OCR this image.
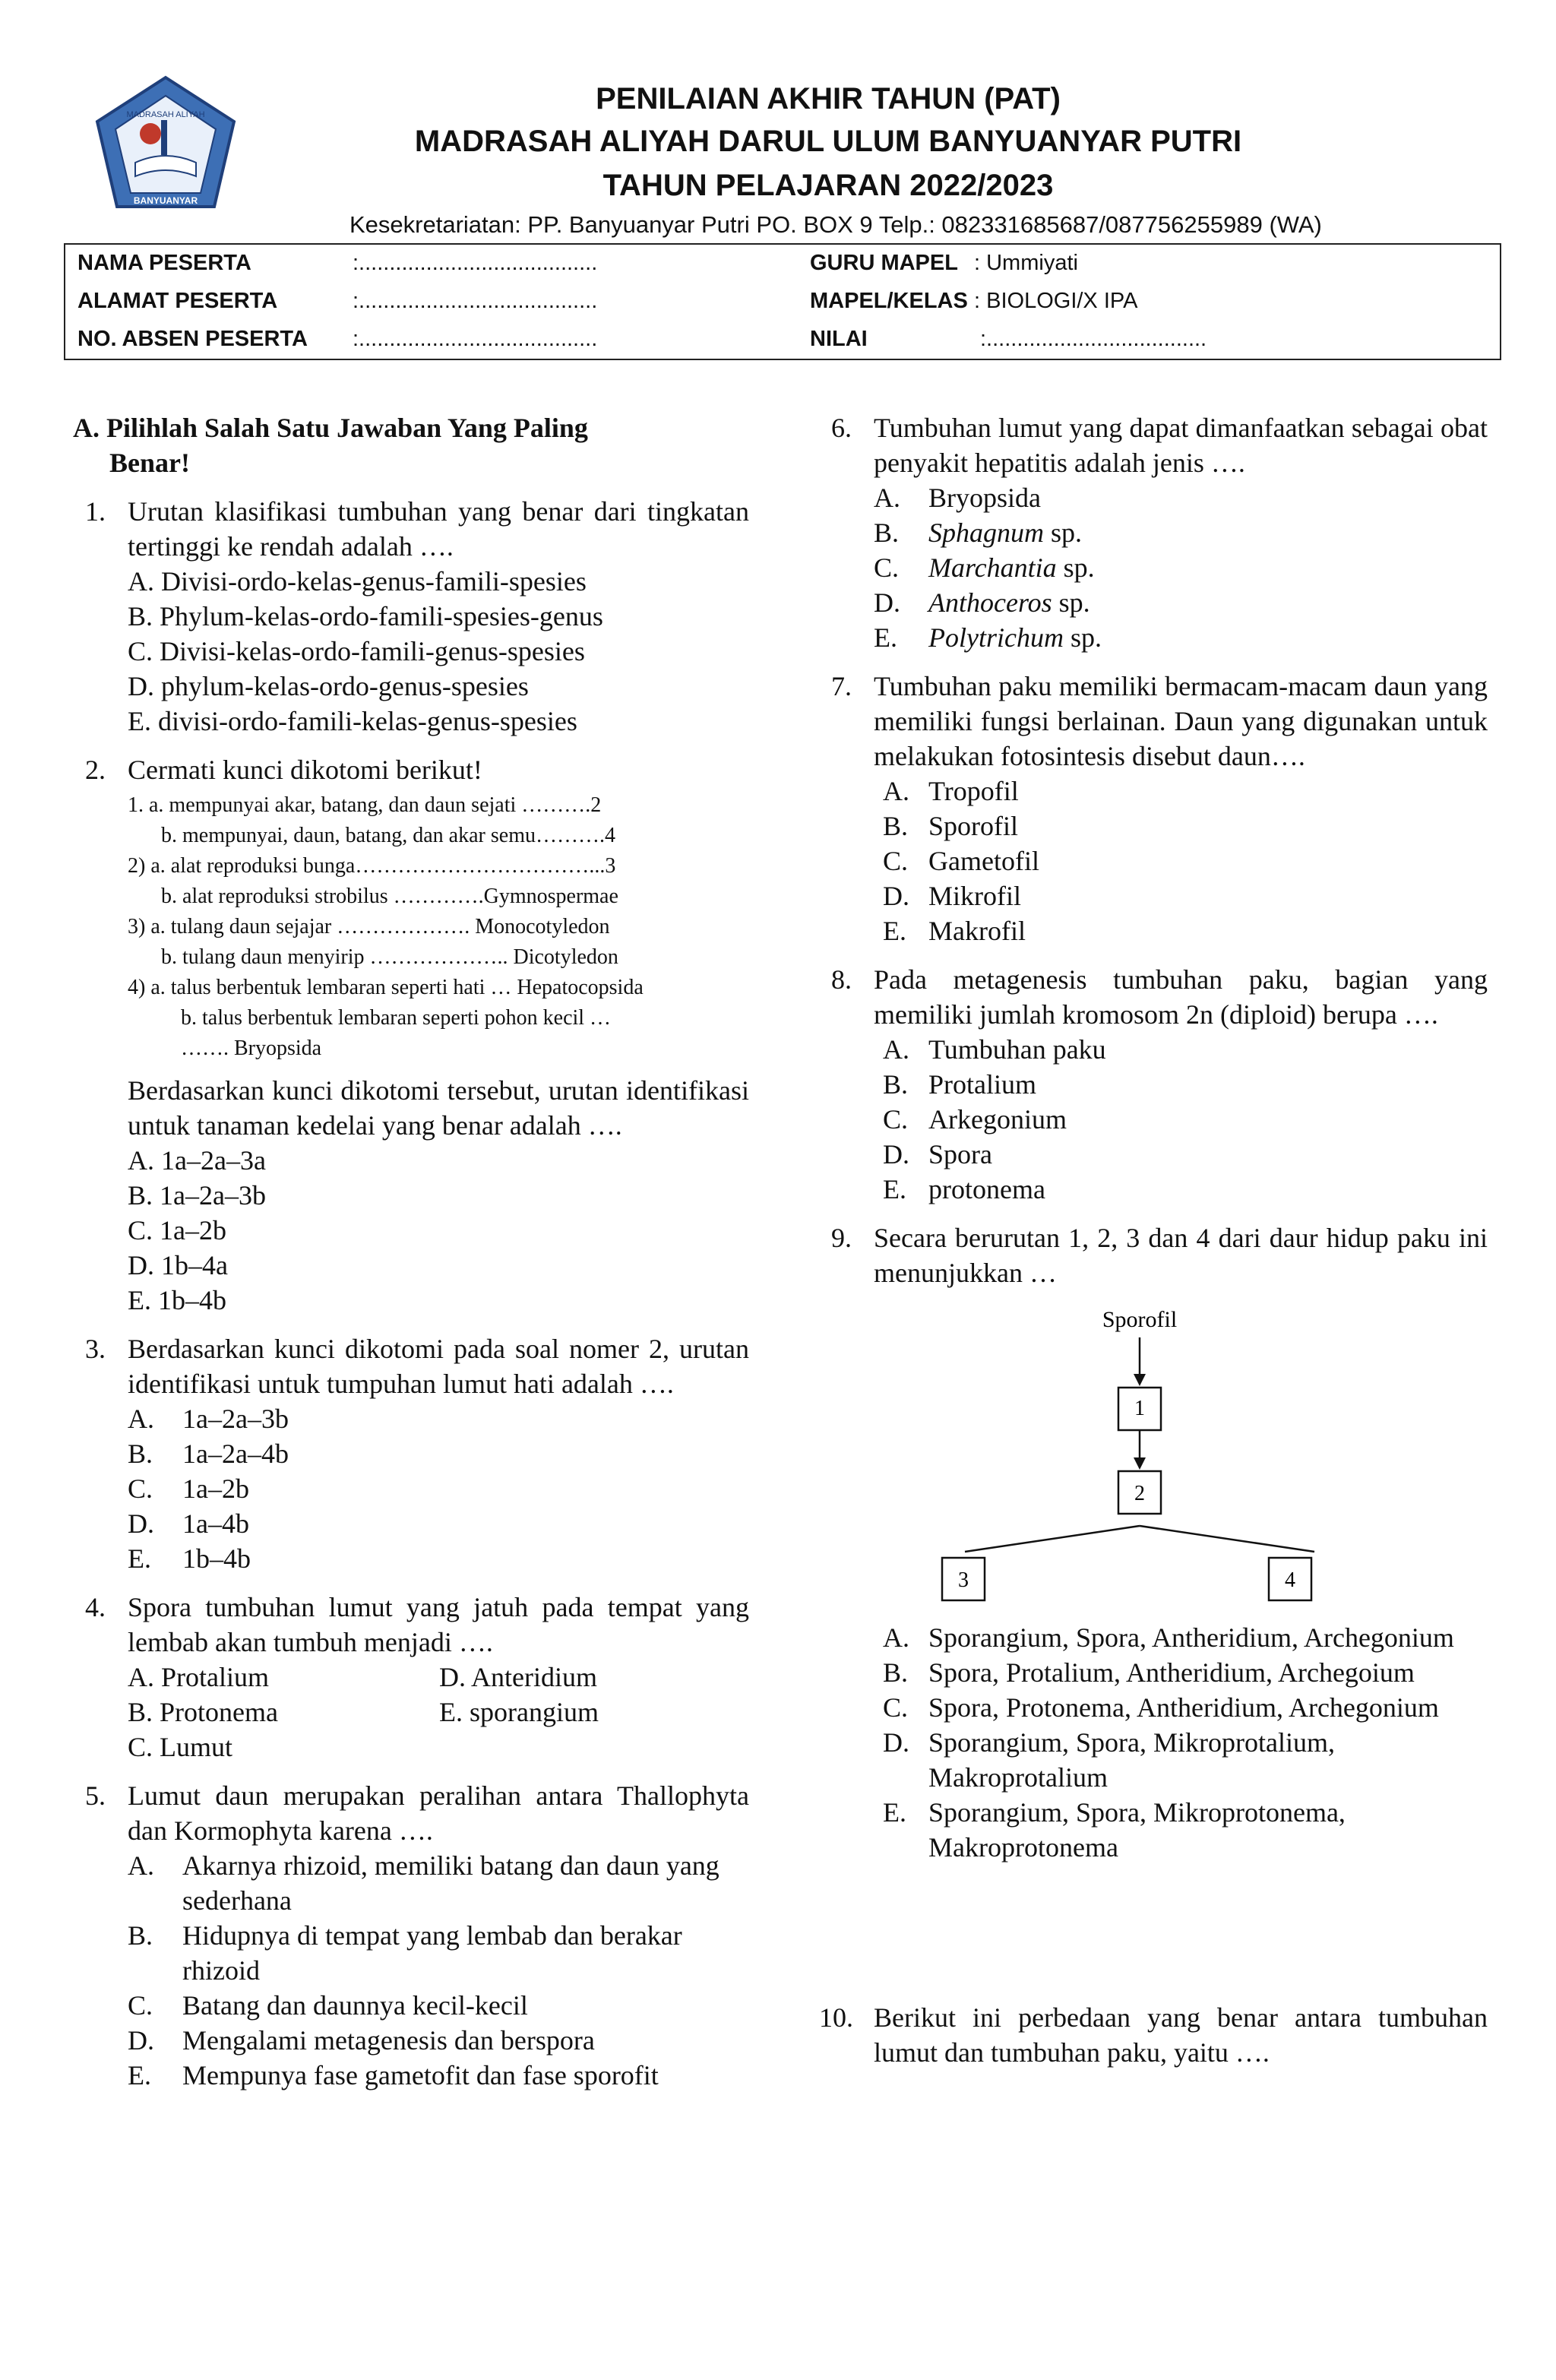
MADRASAH ALIYAH
BANYUANYAR
PENILAIAN AKHIR TAHUN (PAT)
MADRASAH ALIYAH DARUL ULUM BANYUANYAR PUTRI
TAHUN PELAJARAN 2022/2023
Kesekretariatan: PP. Banyuanyar Putri PO. BOX 9 Telp.: 082331685687/087756255989 (WA)
NAMA PESERTA	:.......................................	GURU MAPEL : Ummiyati
ALAMAT PESERTA	:.......................................	MAPEL/KELAS : BIOLOGI/X IPA
NO. ABSEN PESERTA :.......................................	NILAI	:....................................
A. Pilihlah Salah Satu Jawaban Yang Paling
Benar!
1. Urutan klasifikasi tumbuhan yang benar dari tingkatan tertinggi ke rendah adalah ….
A. Divisi-ordo-kelas-genus-famili-spesies
B. Phylum-kelas-ordo-famili-spesies-genus
C. Divisi-kelas-ordo-famili-genus-spesies
D. phylum-kelas-ordo-genus-spesies
E. divisi-ordo-famili-kelas-genus-spesies
2. Cermati kunci dikotomi berikut!
1. a. mempunyai akar, batang, dan daun sejati ……….2
b. mempunyai, daun, batang, dan akar semu……….4
2) a. alat reproduksi bunga……………………………...3
b. alat reproduksi strobilus ………….Gymnospermae
3) a. tulang daun sejajar ………………. Monocotyledon
b. tulang daun menyirip ……………….. Dicotyledon
4) a. talus berbentuk lembaran seperti hati … Hepatocopsida
b. talus berbentuk lembaran seperti pohon kecil …
……. Bryopsida
Berdasarkan kunci dikotomi tersebut, urutan identifikasi untuk tanaman kedelai yang benar adalah ….
A. 1a–2a–3a
B. 1a–2a–3b
C. 1a–2b
D. 1b–4a
E. 1b–4b
3. Berdasarkan kunci dikotomi pada soal nomer 2, urutan identifikasi untuk tumpuhan lumut hati adalah ….
A. 1a–2a–3b
B. 1a–2a–4b
C. 1a–2b
D. 1a–4b
E. 1b–4b
4. Spora tumbuhan lumut yang jatuh pada tempat yang lembab akan tumbuh menjadi ….
A. Protalium	D. Anteridium
B. Protonema	E. sporangium
C. Lumut
5. Lumut daun merupakan peralihan antara Thallophyta dan Kormophyta karena ….
A. Akarnya rhizoid, memiliki batang dan daun yang sederhana
B. Hidupnya di tempat yang lembab dan berakar rhizoid
C. Batang dan daunnya kecil-kecil
D. Mengalami metagenesis dan berspora
E. Mempunya fase gametofit dan fase sporofit
6. Tumbuhan lumut yang dapat dimanfaatkan sebagai obat penyakit hepatitis adalah jenis ….
A. Bryopsida
B. Sphagnum sp.
C. Marchantia sp.
D. Anthoceros sp.
E. Polytrichum sp.
7. Tumbuhan paku memiliki bermacam-macam daun yang memiliki fungsi berlainan. Daun yang digunakan untuk melakukan fotosintesis disebut daun….
A. Tropofil
B. Sporofil
C. Gametofil
D. Mikrofil
E. Makrofil
8. Pada metagenesis tumbuhan paku, bagian yang memiliki jumlah kromosom 2n (diploid) berupa ….
A. Tumbuhan paku
B. Protalium
C. Arkegonium
D. Spora
E. protonema
9. Secara berurutan 1, 2, 3 dan 4 dari daur hidup paku ini menunjukkan …
Sporofil
1
2
3	4
A. Sporangium, Spora, Antheridium, Archegonium
B. Spora, Protalium, Antheridium, Archegoium
C. Spora, Protonema, Antheridium, Archegonium
D. Sporangium, Spora, Mikroprotalium, Makroprotalium
E. Sporangium, Spora, Mikroprotonema, Makroprotonema
10. Berikut ini perbedaan yang benar antara tumbuhan lumut dan tumbuhan paku, yaitu ….
